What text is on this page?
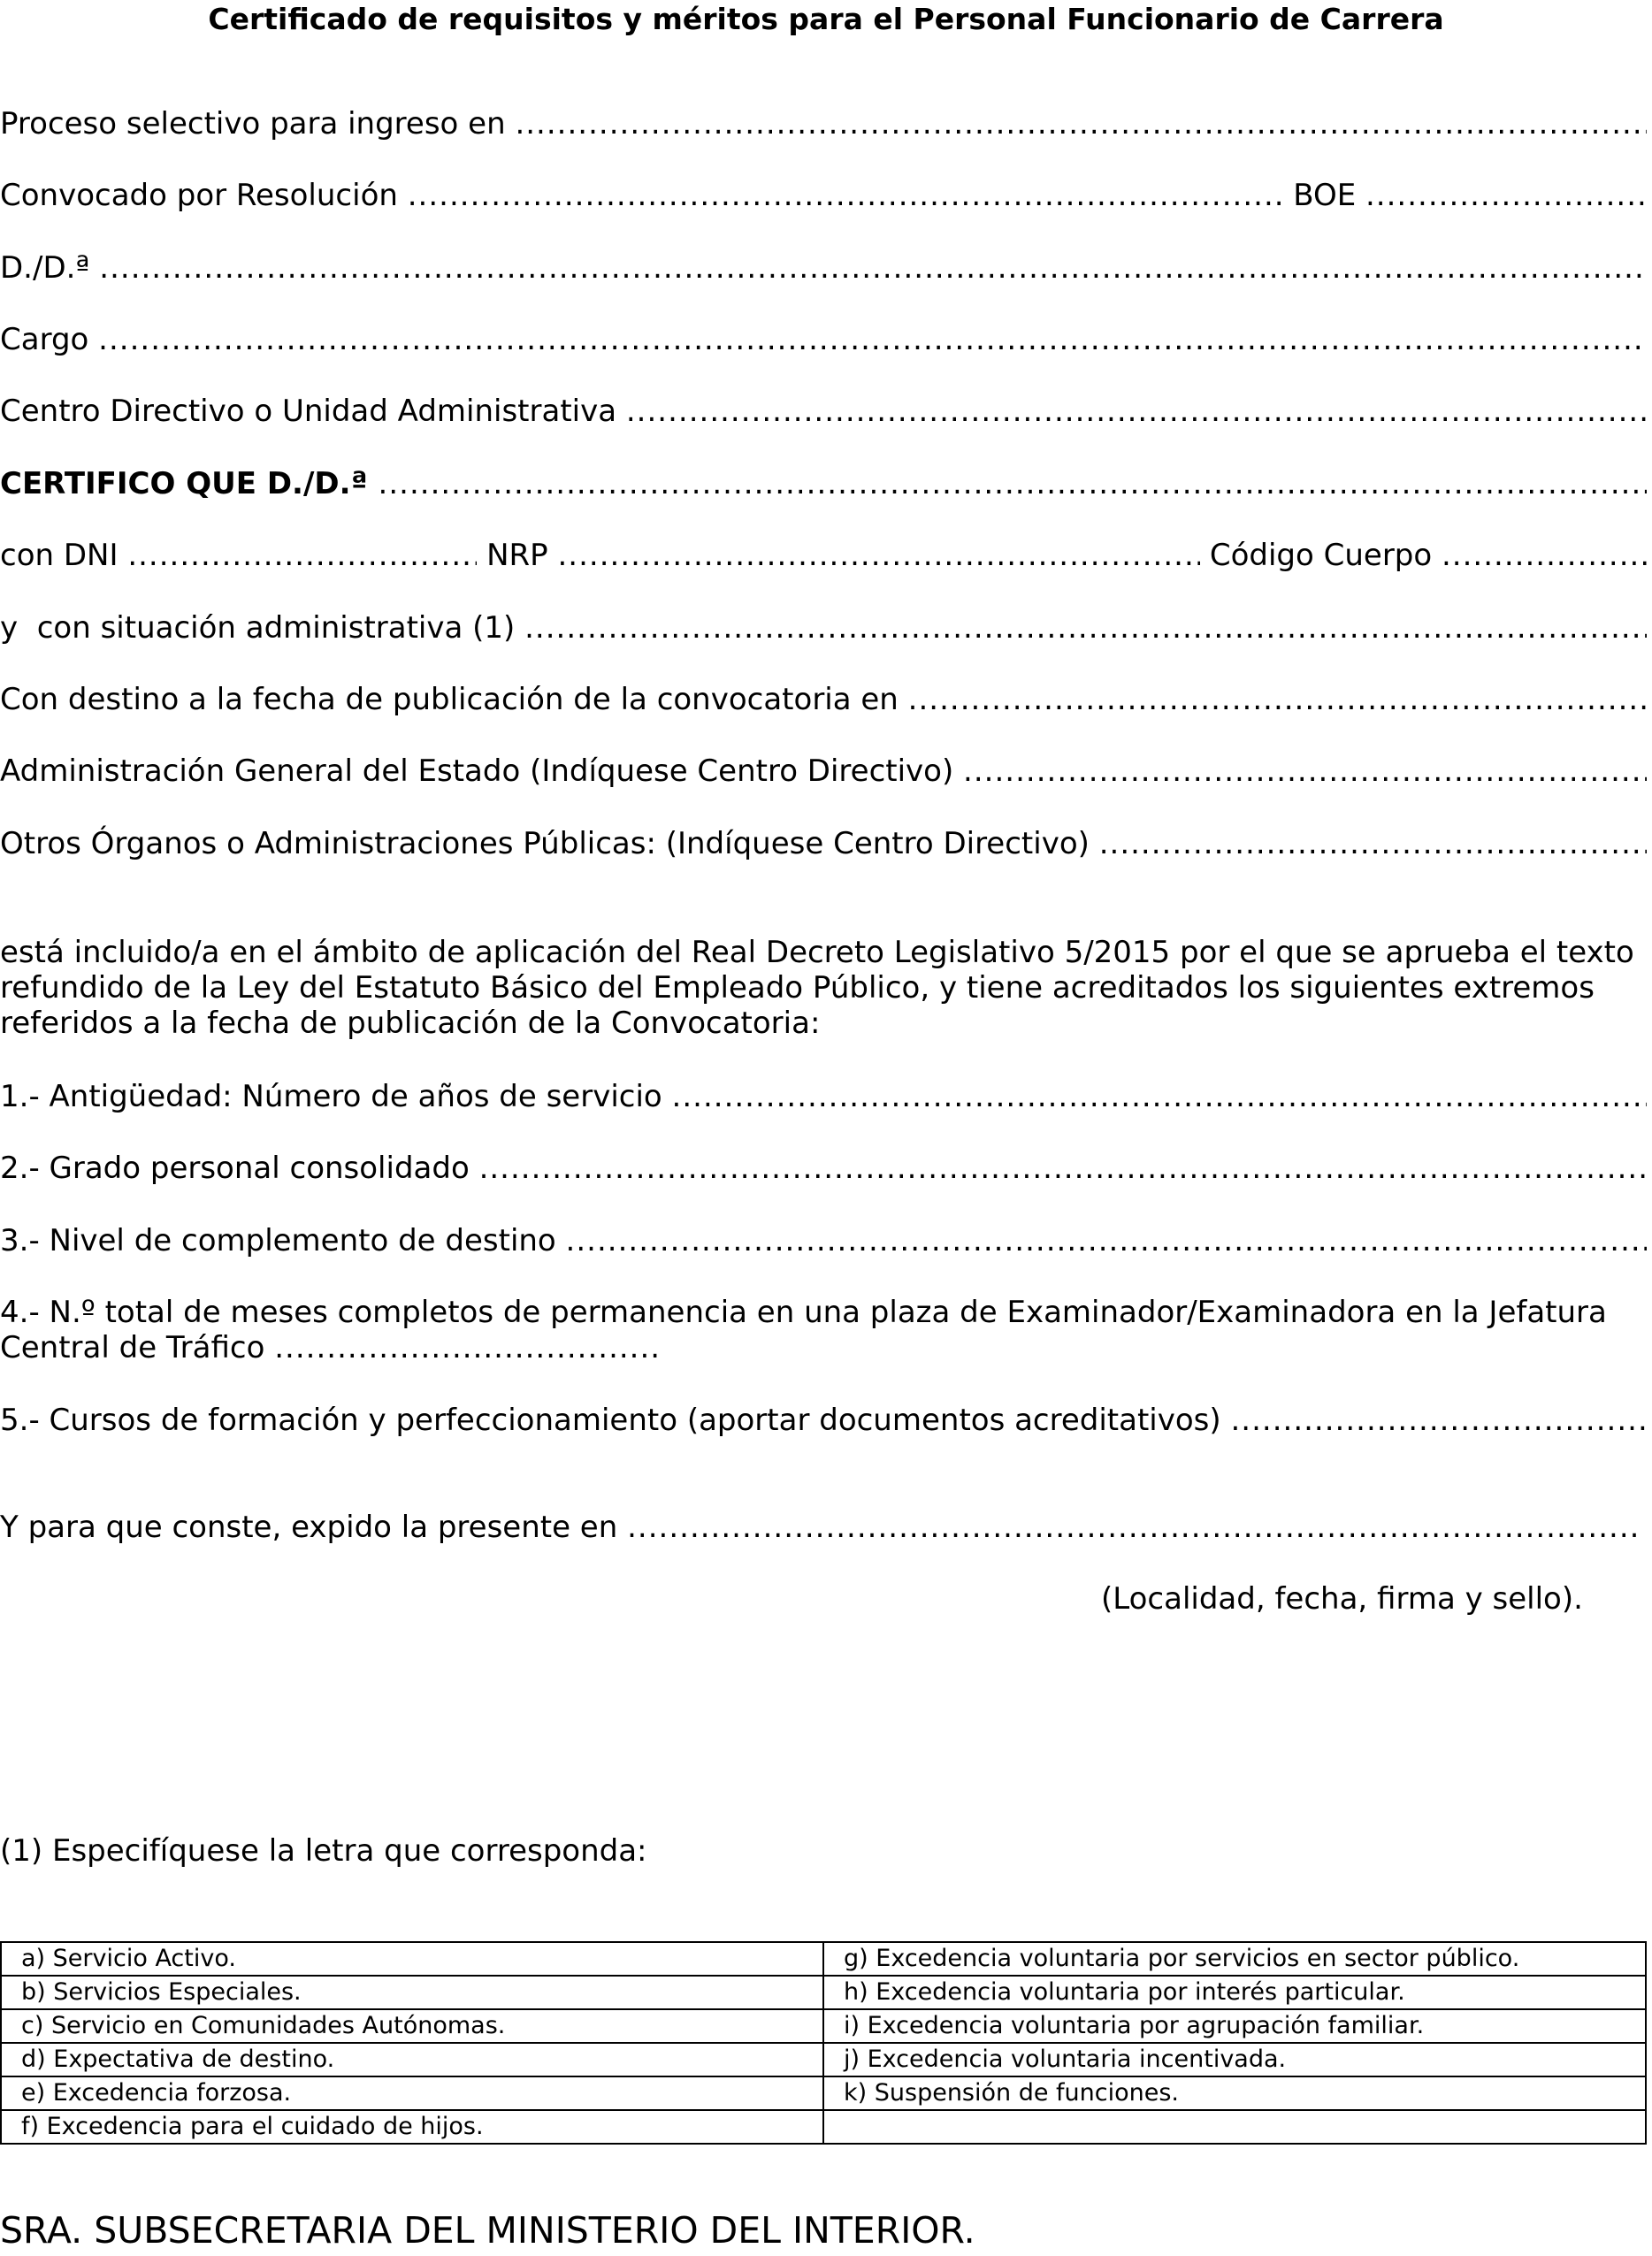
Certificado de requisitos y méritos para el Personal Funcionario de Carrera
Proceso selectivo para ingreso en
.....
Convocado por Resolución .....	BOE
.....
D./D.ª
.....
Cargo
.....
Centro Directivo o Unidad Administrativa
.....
CERTIFICO QUE D./D.ª
.....
con DNI .....	NRP .....	Código Cuerpo
.....
y  con situación administrativa (1)
.....
Con destino a la fecha de publicación de la convocatoria en
.....
Administración General del Estado (Indíquese Centro Directivo)
.....
Otros Órganos o Administraciones Públicas: (Indíquese Centro Directivo)
.....
está incluido/a en el ámbito de aplicación del Real Decreto Legislativo 5/2015 por el que se aprueba el texto refundido de la Ley del Estatuto Básico del Empleado Público, y tiene acreditados los siguientes extremos referidos a la fecha de publicación de la Convocatoria:
1.- Antigüedad: Número de años de servicio
.....
2.- Grado personal consolidado
.....
3.- Nivel de complemento de destino
.....
4.- N.º total de meses completos de permanencia en una plaza de Examinador/Examinadora en la Jefatura
Central de Tráfico
.....
5.- Cursos de formación y perfeccionamiento (aportar documentos acreditativos)
.....
Y para que conste, expido la presente en
.....
(Localidad, fecha, firma y sello).
(1) Especifíquese la letra que corresponda:
a) Servicio Activo.	g) Excedencia voluntaria por servicios en sector público.
b) Servicios Especiales.	h) Excedencia voluntaria por interés particular.
c) Servicio en Comunidades Autónomas.	i) Excedencia voluntaria por agrupación familiar.
d) Expectativa de destino.	j) Excedencia voluntaria incentivada.
e) Excedencia forzosa.	k) Suspensión de funciones.
f) Excedencia para el cuidado de hijos.	
SRA. SUBSECRETARIA DEL MINISTERIO DEL INTERIOR.
